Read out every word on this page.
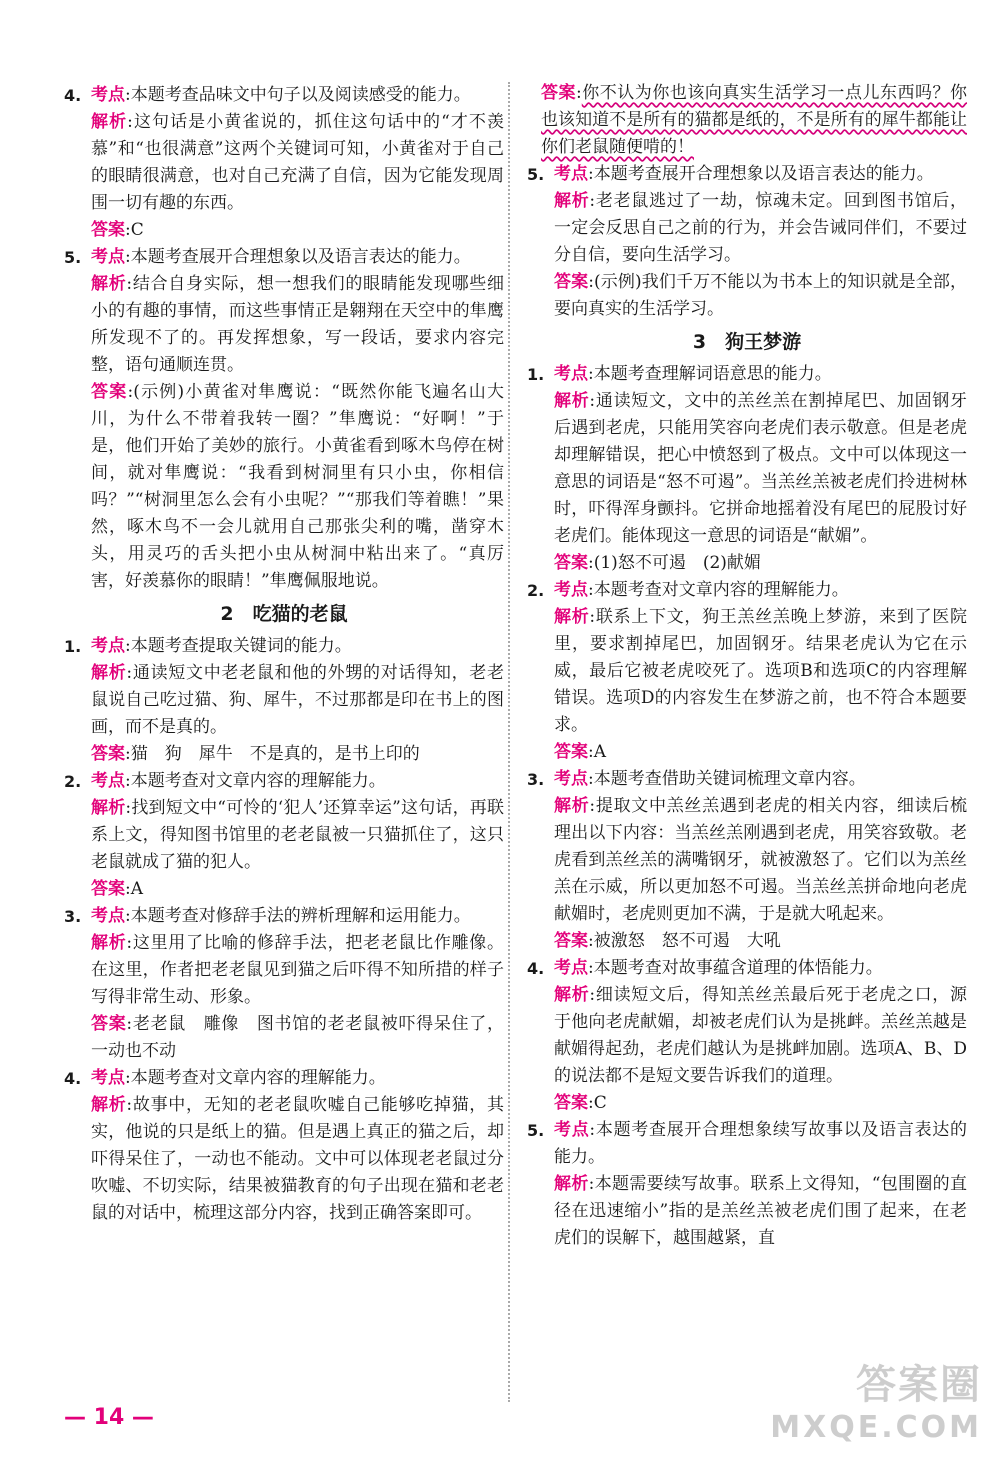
4. 考点:本题考查品味文中句子以及阅读感受的能力。

解析:这句话是小黄雀说的，抓住这句话中的“才不羡慕”和“也很满意”这两个关键词可知，小黄雀对于自己的眼睛很满意，也对自己充满了自信，因为它能发现周围一切有趣的东西。

答案:C

5. 考点:本题考查展开合理想象以及语言表达的能力。

解析:结合自身实际，想一想我们的眼睛能发现哪些细小的有趣的事情，而这些事情正是翱翔在天空中的隼鹰所发现不了的。再发挥想象，写一段话，要求内容完整，语句通顺连贯。

答案:(示例)小黄雀对隼鹰说：“既然你能飞遍名山大川，为什么不带着我转一圈？”隼鹰说：“好啊！”于是，他们开始了美妙的旅行。小黄雀看到啄木鸟停在树间，就对隼鹰说：“我看到树洞里有只小虫，你相信吗？”“树洞里怎么会有小虫呢？”“那我们等着瞧！”果然，啄木鸟不一会儿就用自己那张尖利的嘴，凿穿木头，用灵巧的舌头把小虫从树洞中粘出来了。“真厉害，好羡慕你的眼睛！”隼鹰佩服地说。

2　吃猫的老鼠
1. 考点:本题考查提取关键词的能力。

解析:通读短文中老老鼠和他的外甥的对话得知，老老鼠说自己吃过猫、狗、犀牛，不过那都是印在书上的图画，而不是真的。

答案:猫　狗　犀牛　不是真的，是书上印的

2. 考点:本题考查对文章内容的理解能力。

解析:找到短文中“可怜的‘犯人’还算幸运”这句话，再联系上文，得知图书馆里的老老鼠被一只猫抓住了，这只老鼠就成了猫的犯人。

答案:A

3. 考点:本题考查对修辞手法的辨析理解和运用能力。

解析:这里用了比喻的修辞手法，把老老鼠比作雕像。在这里，作者把老老鼠见到猫之后吓得不知所措的样子写得非常生动、形象。

答案:老老鼠　雕像　图书馆的老老鼠被吓得呆住了，一动也不动

4. 考点:本题考查对文章内容的理解能力。

解析:故事中，无知的老老鼠吹嘘自己能够吃掉猫，其实，他说的只是纸上的猫。但是遇上真正的猫之后，却吓得呆住了，一动也不能动。文中可以体现老老鼠过分吹嘘、不切实际，结果被猫教育的句子出现在猫和老老鼠的对话中，梳理这部分内容，找到正确答案即可。

答案:你不认为你也该向真实生活学习一点儿东西吗？你也该知道不是所有的猫都是纸的，不是所有的犀牛都能让你们老鼠随便啃的！

5. 考点:本题考查展开合理想象以及语言表达的能力。

解析:老老鼠逃过了一劫，惊魂未定。回到图书馆后，一定会反思自己之前的行为，并会告诫同伴们，不要过分自信，要向生活学习。

答案:(示例)我们千万不能以为书本上的知识就是全部，要向真实的生活学习。

3　狗王梦游
1. 考点:本题考查理解词语意思的能力。

解析:通读短文，文中的羔丝羔在割掉尾巴、加固钢牙后遇到老虎，只能用笑容向老虎们表示敬意。但是老虎却理解错误，把心中愤怒到了极点。文中可以体现这一意思的词语是“怒不可遏”。当羔丝羔被老虎们拎进树林时，吓得浑身颤抖。它拼命地摇着没有尾巴的屁股讨好老虎们。能体现这一意思的词语是“献媚”。

答案:(1)怒不可遏　(2)献媚

2. 考点:本题考查对文章内容的理解能力。

解析:联系上下文，狗王羔丝羔晚上梦游，来到了医院里，要求割掉尾巴，加固钢牙。结果老虎认为它在示威，最后它被老虎咬死了。选项B和选项C的内容理解错误。选项D的内容发生在梦游之前，也不符合本题要求。

答案:A

3. 考点:本题考查借助关键词梳理文章内容。

解析:提取文中羔丝羔遇到老虎的相关内容，细读后梳理出以下内容：当羔丝羔刚遇到老虎，用笑容致敬。老虎看到羔丝羔的满嘴钢牙，就被激怒了。它们以为羔丝羔在示威，所以更加怒不可遏。当羔丝羔拼命地向老虎献媚时，老虎则更加不满，于是就大吼起来。

答案:被激怒　怒不可遏　大吼

4. 考点:本题考查对故事蕴含道理的体悟能力。

解析:细读短文后，得知羔丝羔最后死于老虎之口，源于他向老虎献媚，却被老虎们认为是挑衅。羔丝羔越是献媚得起劲，老虎们越认为是挑衅加剧。选项A、B、D的说法都不是短文要告诉我们的道理。

答案:C

5. 考点:本题考查展开合理想象续写故事以及语言表达的能力。

解析:本题需要续写故事。联系上文得知，“包围圈的直径在迅速缩小”指的是羔丝羔被老虎们围了起来，在老虎们的误解下，越围越紧，直

— 14 —
答案圈
MXQE.COM
